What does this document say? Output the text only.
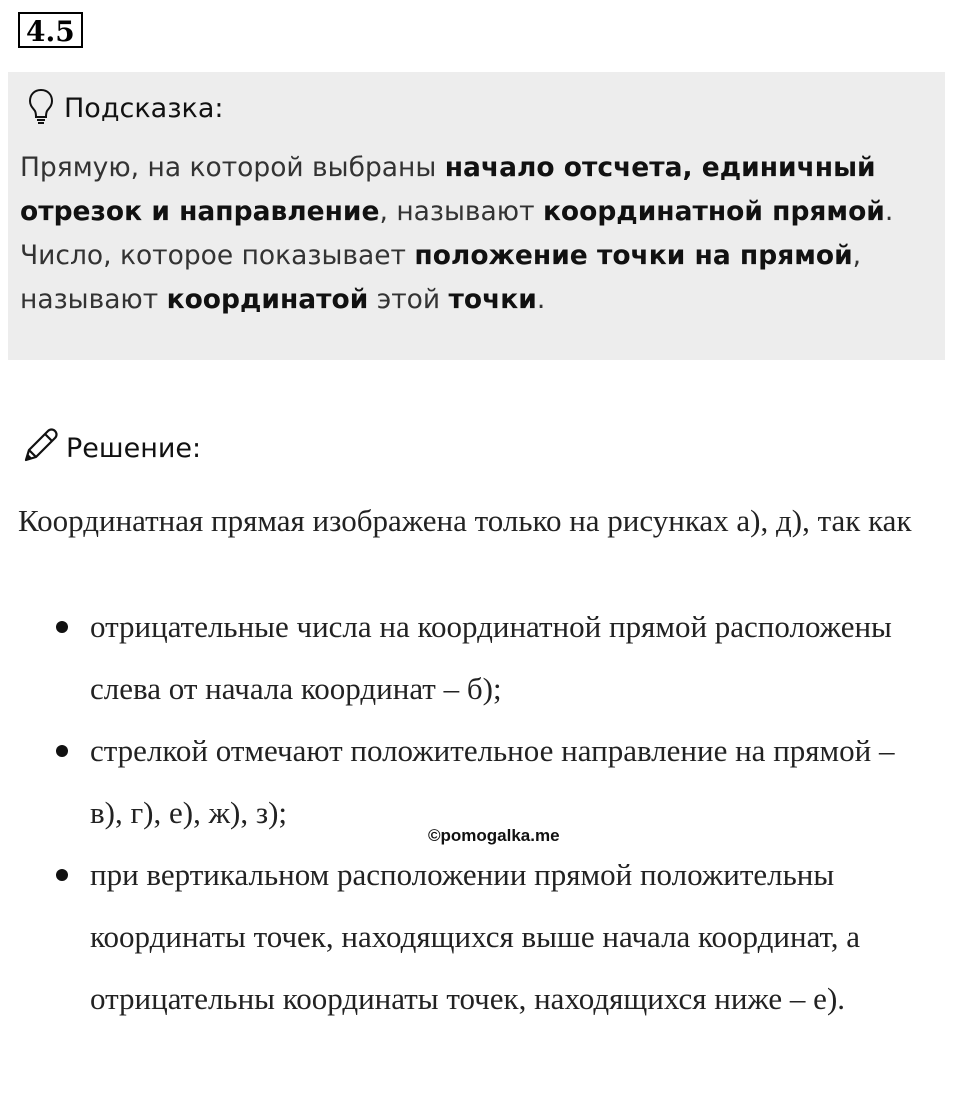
4.5
Подсказка:
Прямую, на которой выбраны начало отсчета, единичный отрезок и направление, называют координатной прямой. Число, которое показывает положение точки на прямой, называют координатой этой точки.
Решение:
Координатная прямая изображена только на рисунках а), д), так как
отрицательные числа на координатной прямой расположены слева от начала координат – б);
стрелкой отмечают положительное направление на прямой – в), г), е), ж), з);
при вертикальном расположении прямой положительны координаты точек, находящихся выше начала координат, а отрицательны координаты точек, находящихся ниже – е).
©pomogalka.me
